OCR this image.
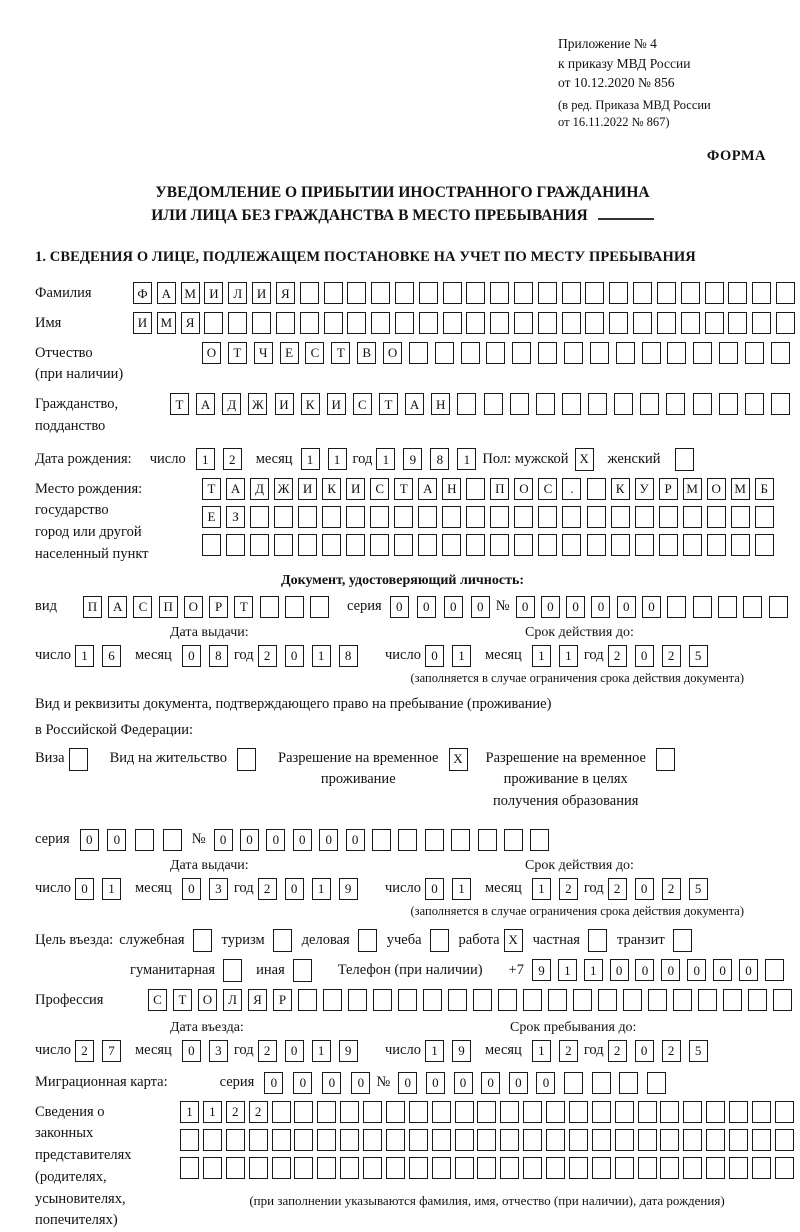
Приложение № 4
к приказу МВД России
от 10.12.2020 № 856
(в ред. Приказа МВД России
от 16.11.2022 № 867)
ФОРМА
УВЕДОМЛЕНИЕ О ПРИБЫТИИ ИНОСТРАННОГО ГРАЖДАНИНА
ИЛИ ЛИЦА БЕЗ ГРАЖДАНСТВА В МЕСТО ПРЕБЫВАНИЯ
1. СВЕДЕНИЯ О ЛИЦЕ, ПОДЛЕЖАЩЕМ ПОСТАНОВКЕ НА УЧЕТ ПО МЕСТУ ПРЕБЫВАНИЯ
Фамилия	Ф	А	М	И	Л	И	Я
Имя	И	М	Я
Отчество
(при наличии)
О	Т	Ч	Е	С	Т	В	О
Гражданство,
подданство
Т	А	Д	Ж	И	К	И	С	Т	А	Н
Дата рождения: число	1	2	месяц	1	1 год 1	9	8	1 Пол: мужской X	женский
Место рождения:
государство
город или другой
населенный пункт
Т	А	Д	Ж	И	К	И	С	Т	А	Н	П	О	С	.	К	У	Р	М	О	М	Б
Е	З
Документ, удостоверяющий личность:
вид	П	А	С	П	О	Р	Т	серия	0	0	0	0 № 0	0	0	0	0	0
Дата выдачи:
число 1	6	месяц	0	8 год 2	0	1	8
Срок действия до:
число 0	1	месяц	1	1 год 2	0	2	5
(заполняется в случае ограничения срока действия документа)
Вид и реквизиты документа, подтверждающего право на пребывание (проживание)
в Российской Федерации:
Виза	Вид на жительство	Разрешение на временное
проживание
X	Разрешение на временное
проживание в целях
получения образования
серия	0	0	№	0	0	0	0	0	0
Дата выдачи:
число 0	1	месяц	0	3 год 2	0	1	9
Срок действия до:
число 0	1	месяц	1	2 год 2	0	2	5
(заполняется в случае ограничения срока действия документа)
Цель въезда: служебная	туризм	деловая	учеба	работа X	частная	транзит
гуманитарная	иная	Телефон (при наличии) +7	9	1	1	0	0	0	0	0	0
Профессия	С	Т	О	Л	Я	Р
Дата въезда:
число 2	7	месяц	0	3 год 2	0	1	9
Срок пребывания до:
число 1	9	месяц	1	2 год 2	0	2	5
Миграционная карта:	серия	0	0	0	0 №	0	0	0	0	0	0
Сведения о
законных
представителях
(родителях,
усыновителях,
попечителях)
1	1	2	2
(при заполнении указываются фамилия, имя, отчество (при наличии), дата рождения)
